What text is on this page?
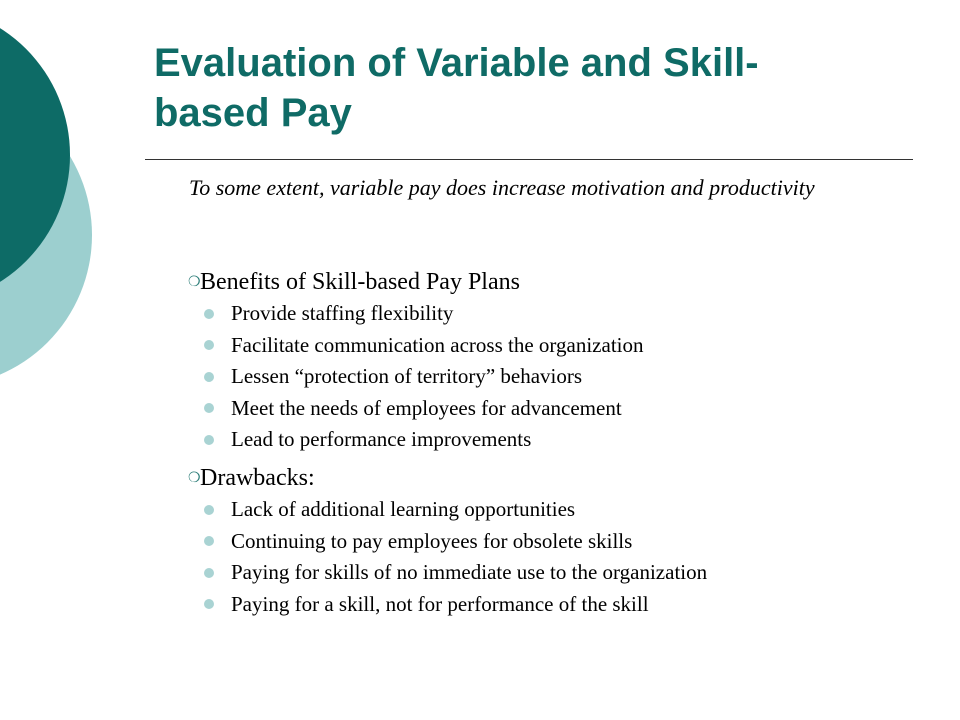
Evaluation of Variable and Skill-based Pay

To some extent, variable pay does increase motivation and productivity

❍ Benefits of Skill-based Pay Plans
Provide staffing flexibility
Facilitate communication across the organization
Lessen “protection of territory” behaviors
Meet the needs of employees for advancement
Lead to performance improvements
❍ Drawbacks:
Lack of additional learning opportunities
Continuing to pay employees for obsolete skills
Paying for skills of no immediate use to the organization
Paying for a skill, not for performance of the skill
